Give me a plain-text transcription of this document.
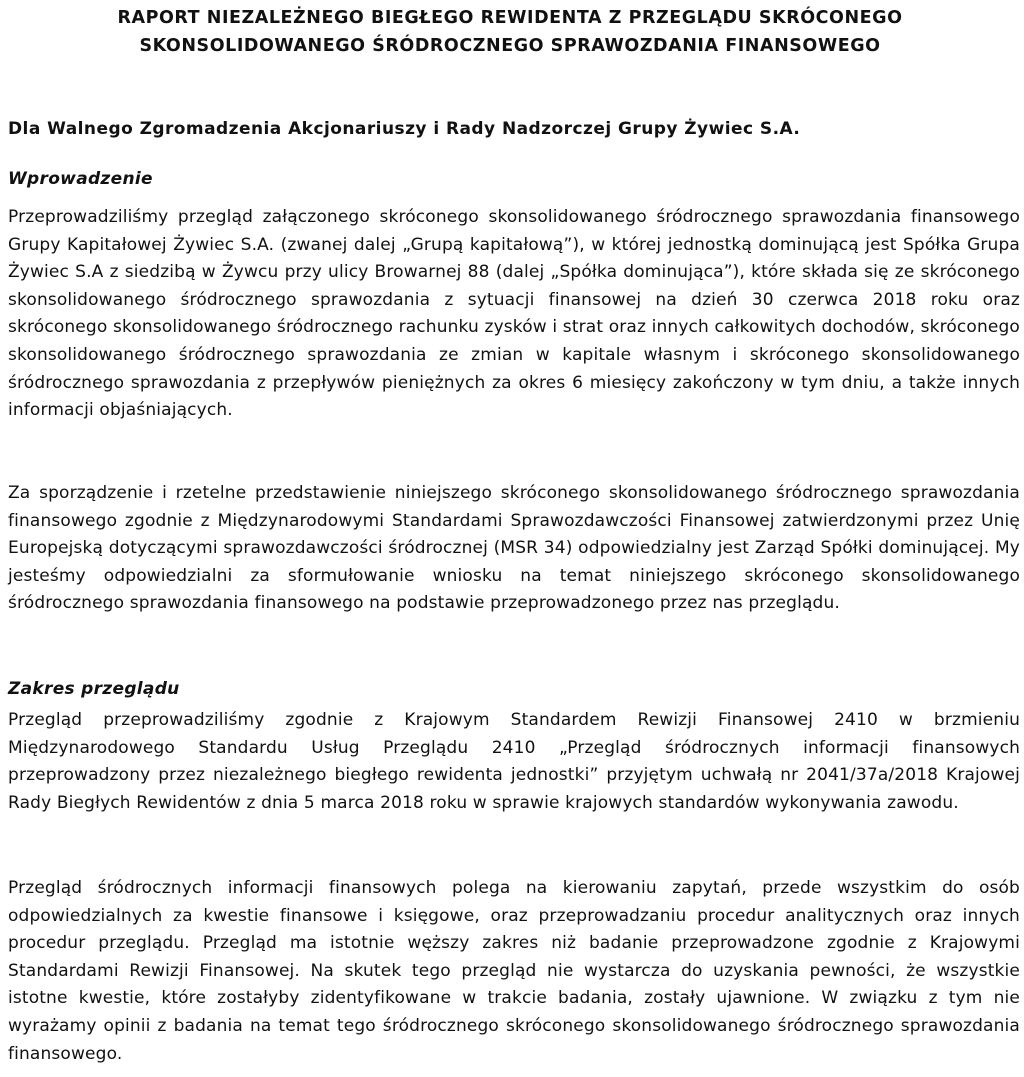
RAPORT NIEZALEŻNEGO BIEGŁEGO REWIDENTA Z PRZEGLĄDU SKRÓCONEGO
SKONSOLIDOWANEGO ŚRÓDROCZNEGO SPRAWOZDANIA FINANSOWEGO

Dla Walnego Zgromadzenia Akcjonariuszy i Rady Nadzorczej Grupy Żywiec S.A.

Wprowadzenie

Przeprowadziliśmy przegląd załączonego skróconego skonsolidowanego śródrocznego sprawozdania finansowego Grupy Kapitałowej Żywiec S.A. (zwanej dalej „Grupą kapitałową”), w której jednostką dominującą jest Spółka Grupa Żywiec S.A z siedzibą w Żywcu przy ulicy Browarnej 88 (dalej „Spółka dominująca”), które składa się ze skróconego skonsolidowanego śródrocznego sprawozdania z sytuacji finansowej na dzień 30 czerwca 2018 roku oraz skróconego skonsolidowanego śródrocznego rachunku zysków i strat oraz innych całkowitych dochodów, skróconego skonsolidowanego śródrocznego sprawozdania ze zmian w kapitale własnym i skróconego skonsolidowanego śródrocznego sprawozdania z przepływów pieniężnych za okres 6 miesięcy zakończony w tym dniu, a także innych informacji objaśniających.

Za sporządzenie i rzetelne przedstawienie niniejszego skróconego skonsolidowanego śródrocznego sprawozdania finansowego zgodnie z Międzynarodowymi Standardami Sprawozdawczości Finansowej zatwierdzonymi przez Unię Europejską dotyczącymi sprawozdawczości śródrocznej (MSR 34) odpowiedzialny jest Zarząd Spółki dominującej. My jesteśmy odpowiedzialni za sformułowanie wniosku na temat niniejszego skróconego skonsolidowanego śródrocznego sprawozdania finansowego na podstawie przeprowadzonego przez nas przeglądu.

Zakres przeglądu

Przegląd przeprowadziliśmy zgodnie z Krajowym Standardem Rewizji Finansowej 2410 w brzmieniu Międzynarodowego Standardu Usług Przeglądu 2410 „Przegląd śródrocznych informacji finansowych przeprowadzony przez niezależnego biegłego rewidenta jednostki” przyjętym uchwałą nr 2041/37a/2018 Krajowej Rady Biegłych Rewidentów z dnia 5 marca 2018 roku w sprawie krajowych standardów wykonywania zawodu.

Przegląd śródrocznych informacji finansowych polega na kierowaniu zapytań, przede wszystkim do osób odpowiedzialnych za kwestie finansowe i księgowe, oraz przeprowadzaniu procedur analitycznych oraz innych procedur przeglądu. Przegląd ma istotnie węższy zakres niż badanie przeprowadzone zgodnie z Krajowymi Standardami Rewizji Finansowej. Na skutek tego przegląd nie wystarcza do uzyskania pewności, że wszystkie istotne kwestie, które zostałyby zidentyfikowane w trakcie badania, zostały ujawnione. W związku z tym nie wyrażamy opinii z badania na temat tego śródrocznego skróconego skonsolidowanego śródrocznego sprawozdania finansowego.
